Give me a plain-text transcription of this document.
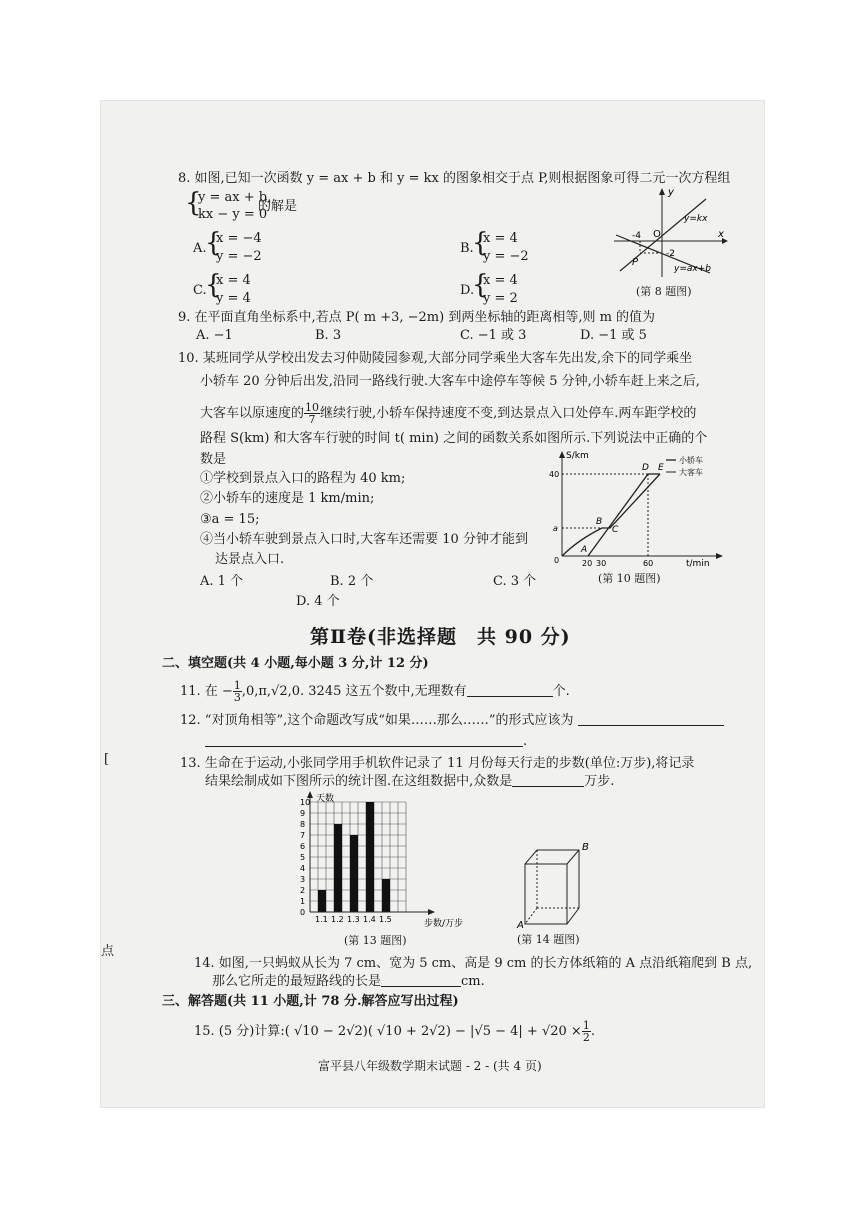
8. 如图,已知一次函数 y = ax + b 和 y = kx 的图象相交于点 P,则根据图象可得二元一次方程组
{
y = ax + b,
kx − y = 0
的解是
A.
{
x = −4
y = −2
B.
{
x = 4
y = −2
C.
{
x = 4
y = 4
D.
{
x = 4
y = 2
y
x
O
-4
-2
P
y=kx
y=ax+b
(第 8 题图)
9. 在平面直角坐标系中,若点 P( m +3, −2m) 到两坐标轴的距离相等,则 m 的值为
A. −1	B. 3	C. −1 或 3	D. −1 或 5
10. 某班同学从学校出发去习仲勋陵园参观,大部分同学乘坐大客车先出发,余下的同学乘坐
小轿车 20 分钟后出发,沿同一路线行驶.大客车中途停车等候 5 分钟,小轿车赶上来之后,
大客车以原速度的 $\frac{10}{7}$ 继续行驶,小轿车保持速度不变,到达景点入口处停车.两车距学校的
路程 S(km) 和大客车行驶的时间 t( min) 之间的函数关系如图所示.下列说法中正确的个
数是
①学校到景点入口的路程为 40 km;
②小轿车的速度是 1 km/min;
③a = 15;
④当小轿车驶到景点入口时,大客车还需要 10 分钟才能到
达景点入口.
A. 1 个	B. 2 个	C. 3 个
D. 4 个
小轿车
大客车
S/km
t/min
40
a
0	20 30	60
A
B
C
D E
(第 10 题图)
第Ⅱ卷(非选择题　共 90 分)
二、填空题(共 4 小题,每小题 3 分,计 12 分)
11. 在 − $\frac{1}{3} ,0,\pi,√2,0$. 3245 这五个数中,无理数有	个.
12. “对顶角相等”,这个命题改写成“如果……那么……”的形式应该为
.
13. 生命在于运动,小张同学用手机软件记录了 11 月份每天行走的步数(单位:万步),将记录
结果绘制成如下图所示的统计图.在这组数据中,众数是	万步.
0
1
2
3
4
5
6
7
8
9
10
1.1 1.2 1.3 1.4 1.5
天数
步数/万步
(第 13 题图)
A
B
(第 14 题图)
14. 如图,一只蚂蚁从长为 7 cm、宽为 5 cm、高是 9 cm 的长方体纸箱的 A 点沿纸箱爬到 B 点,
那么它所走的最短路线的长是	cm.
三、解答题(共 11 小题,计 78 分.解答应写出过程)
15. (5 分)计算:( √10 − 2√2)( $√10 + 2√2) - |√5 - 4| + √20 \times \frac{1}{2}$ .
富平县八年级数学期末试题 - 2 - (共 4 页)
[
点
